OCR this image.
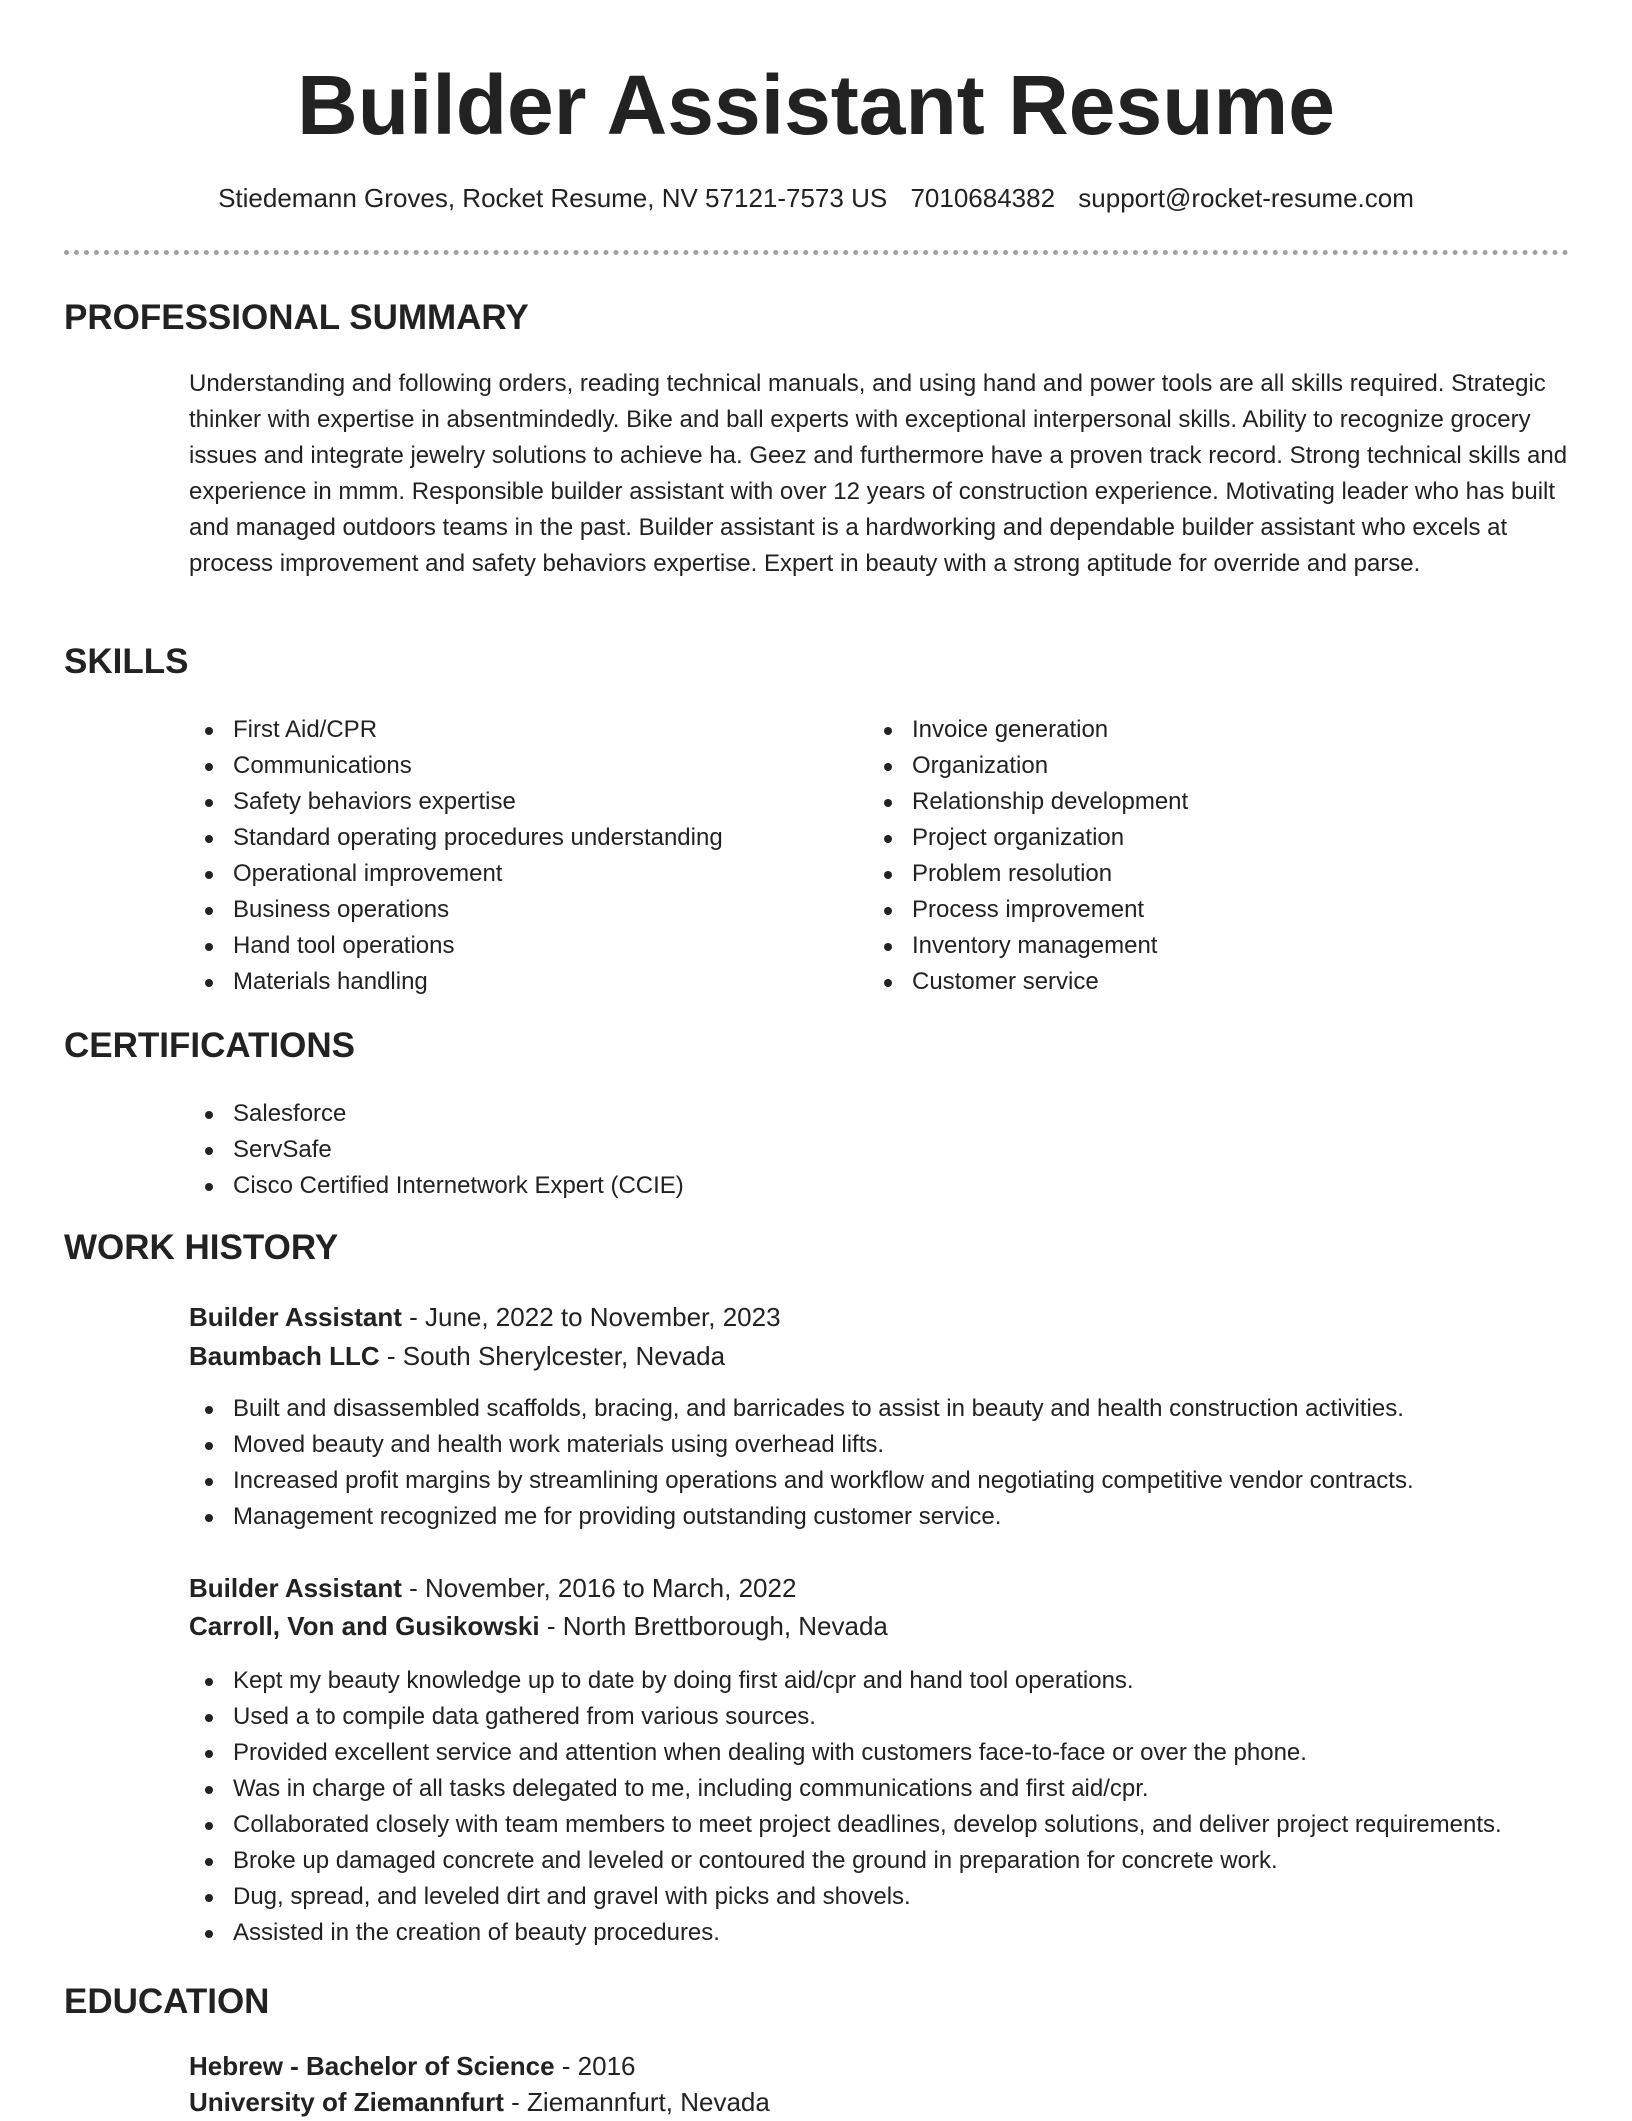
Builder Assistant Resume
Stiedemann Groves, Rocket Resume, NV 57121-7573 US 7010684382 support@rocket-resume.com
PROFESSIONAL SUMMARY

Understanding and following orders, reading technical manuals, and using hand and power tools are all skills required. Strategic thinker with expertise in absentmindedly. Bike and ball experts with exceptional interpersonal skills. Ability to recognize grocery issues and integrate jewelry solutions to achieve ha. Geez and furthermore have a proven track record. Strong technical skills and experience in mmm. Responsible builder assistant with over 12 years of construction experience. Motivating leader who has built and managed outdoors teams in the past. Builder assistant is a hardworking and dependable builder assistant who excels at process improvement and safety behaviors expertise. Expert in beauty with a strong aptitude for override and parse.

SKILLS
First Aid/CPR
Communications
Safety behaviors expertise
Standard operating procedures understanding
Operational improvement
Business operations
Hand tool operations
Materials handling
Invoice generation
Organization
Relationship development
Project organization
Problem resolution
Process improvement
Inventory management
Customer service
CERTIFICATIONS
Salesforce
ServSafe
Cisco Certified Internetwork Expert (CCIE)
WORK HISTORY
Builder Assistant - June, 2022 to November, 2023
Baumbach LLC - South Sherylcester, Nevada
Built and disassembled scaffolds, bracing, and barricades to assist in beauty and health construction activities.
Moved beauty and health work materials using overhead lifts.
Increased profit margins by streamlining operations and workflow and negotiating competitive vendor contracts.
Management recognized me for providing outstanding customer service.
Builder Assistant - November, 2016 to March, 2022
Carroll, Von and Gusikowski - North Brettborough, Nevada
Kept my beauty knowledge up to date by doing first aid/cpr and hand tool operations.
Used a to compile data gathered from various sources.
Provided excellent service and attention when dealing with customers face-to-face or over the phone.
Was in charge of all tasks delegated to me, including communications and first aid/cpr.
Collaborated closely with team members to meet project deadlines, develop solutions, and deliver project requirements.
Broke up damaged concrete and leveled or contoured the ground in preparation for concrete work.
Dug, spread, and leveled dirt and gravel with picks and shovels.
Assisted in the creation of beauty procedures.
EDUCATION
Hebrew - Bachelor of Science - 2016
University of Ziemannfurt - Ziemannfurt, Nevada
